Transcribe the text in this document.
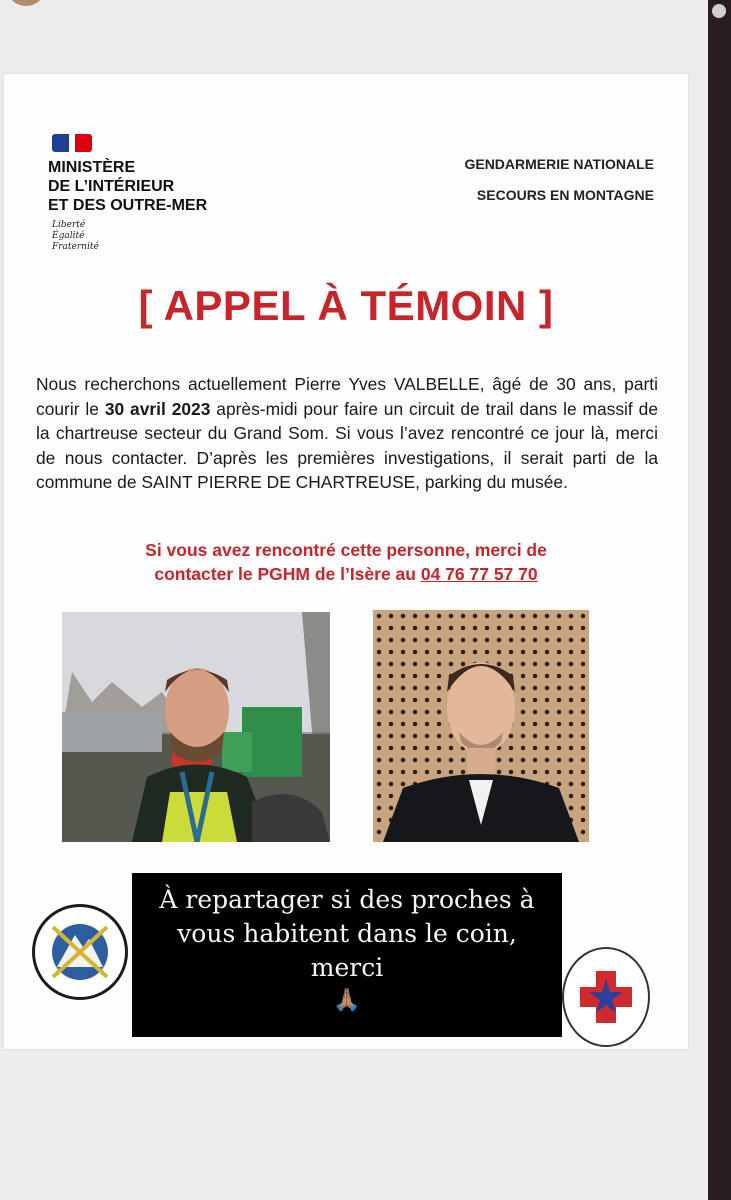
MINISTÈRE
DE L’INTÉRIEUR
ET DES OUTRE-MER
Liberté
Égalité
Fraternité
GENDARMERIE NATIONALE
SECOURS EN MONTAGNE
[ APPEL À TÉMOIN ]
Nous recherchons actuellement Pierre Yves VALBELLE, âgé de 30 ans, parti courir le 30 avril 2023 après-midi pour faire un circuit de trail dans le massif de la chartreuse secteur du Grand Som. Si vous l’avez rencontré ce jour là, merci de nous contacter. D’après les premières investigations, il serait parti de la commune de SAINT PIERRE DE CHARTREUSE, parking du musée.
Si vous avez rencontré cette personne, merci de
contacter le PGHM de l’Isère au 04 76 77 57 70
À repartager si des proches à
vous habitent dans le coin,
merci
🙏🏽
